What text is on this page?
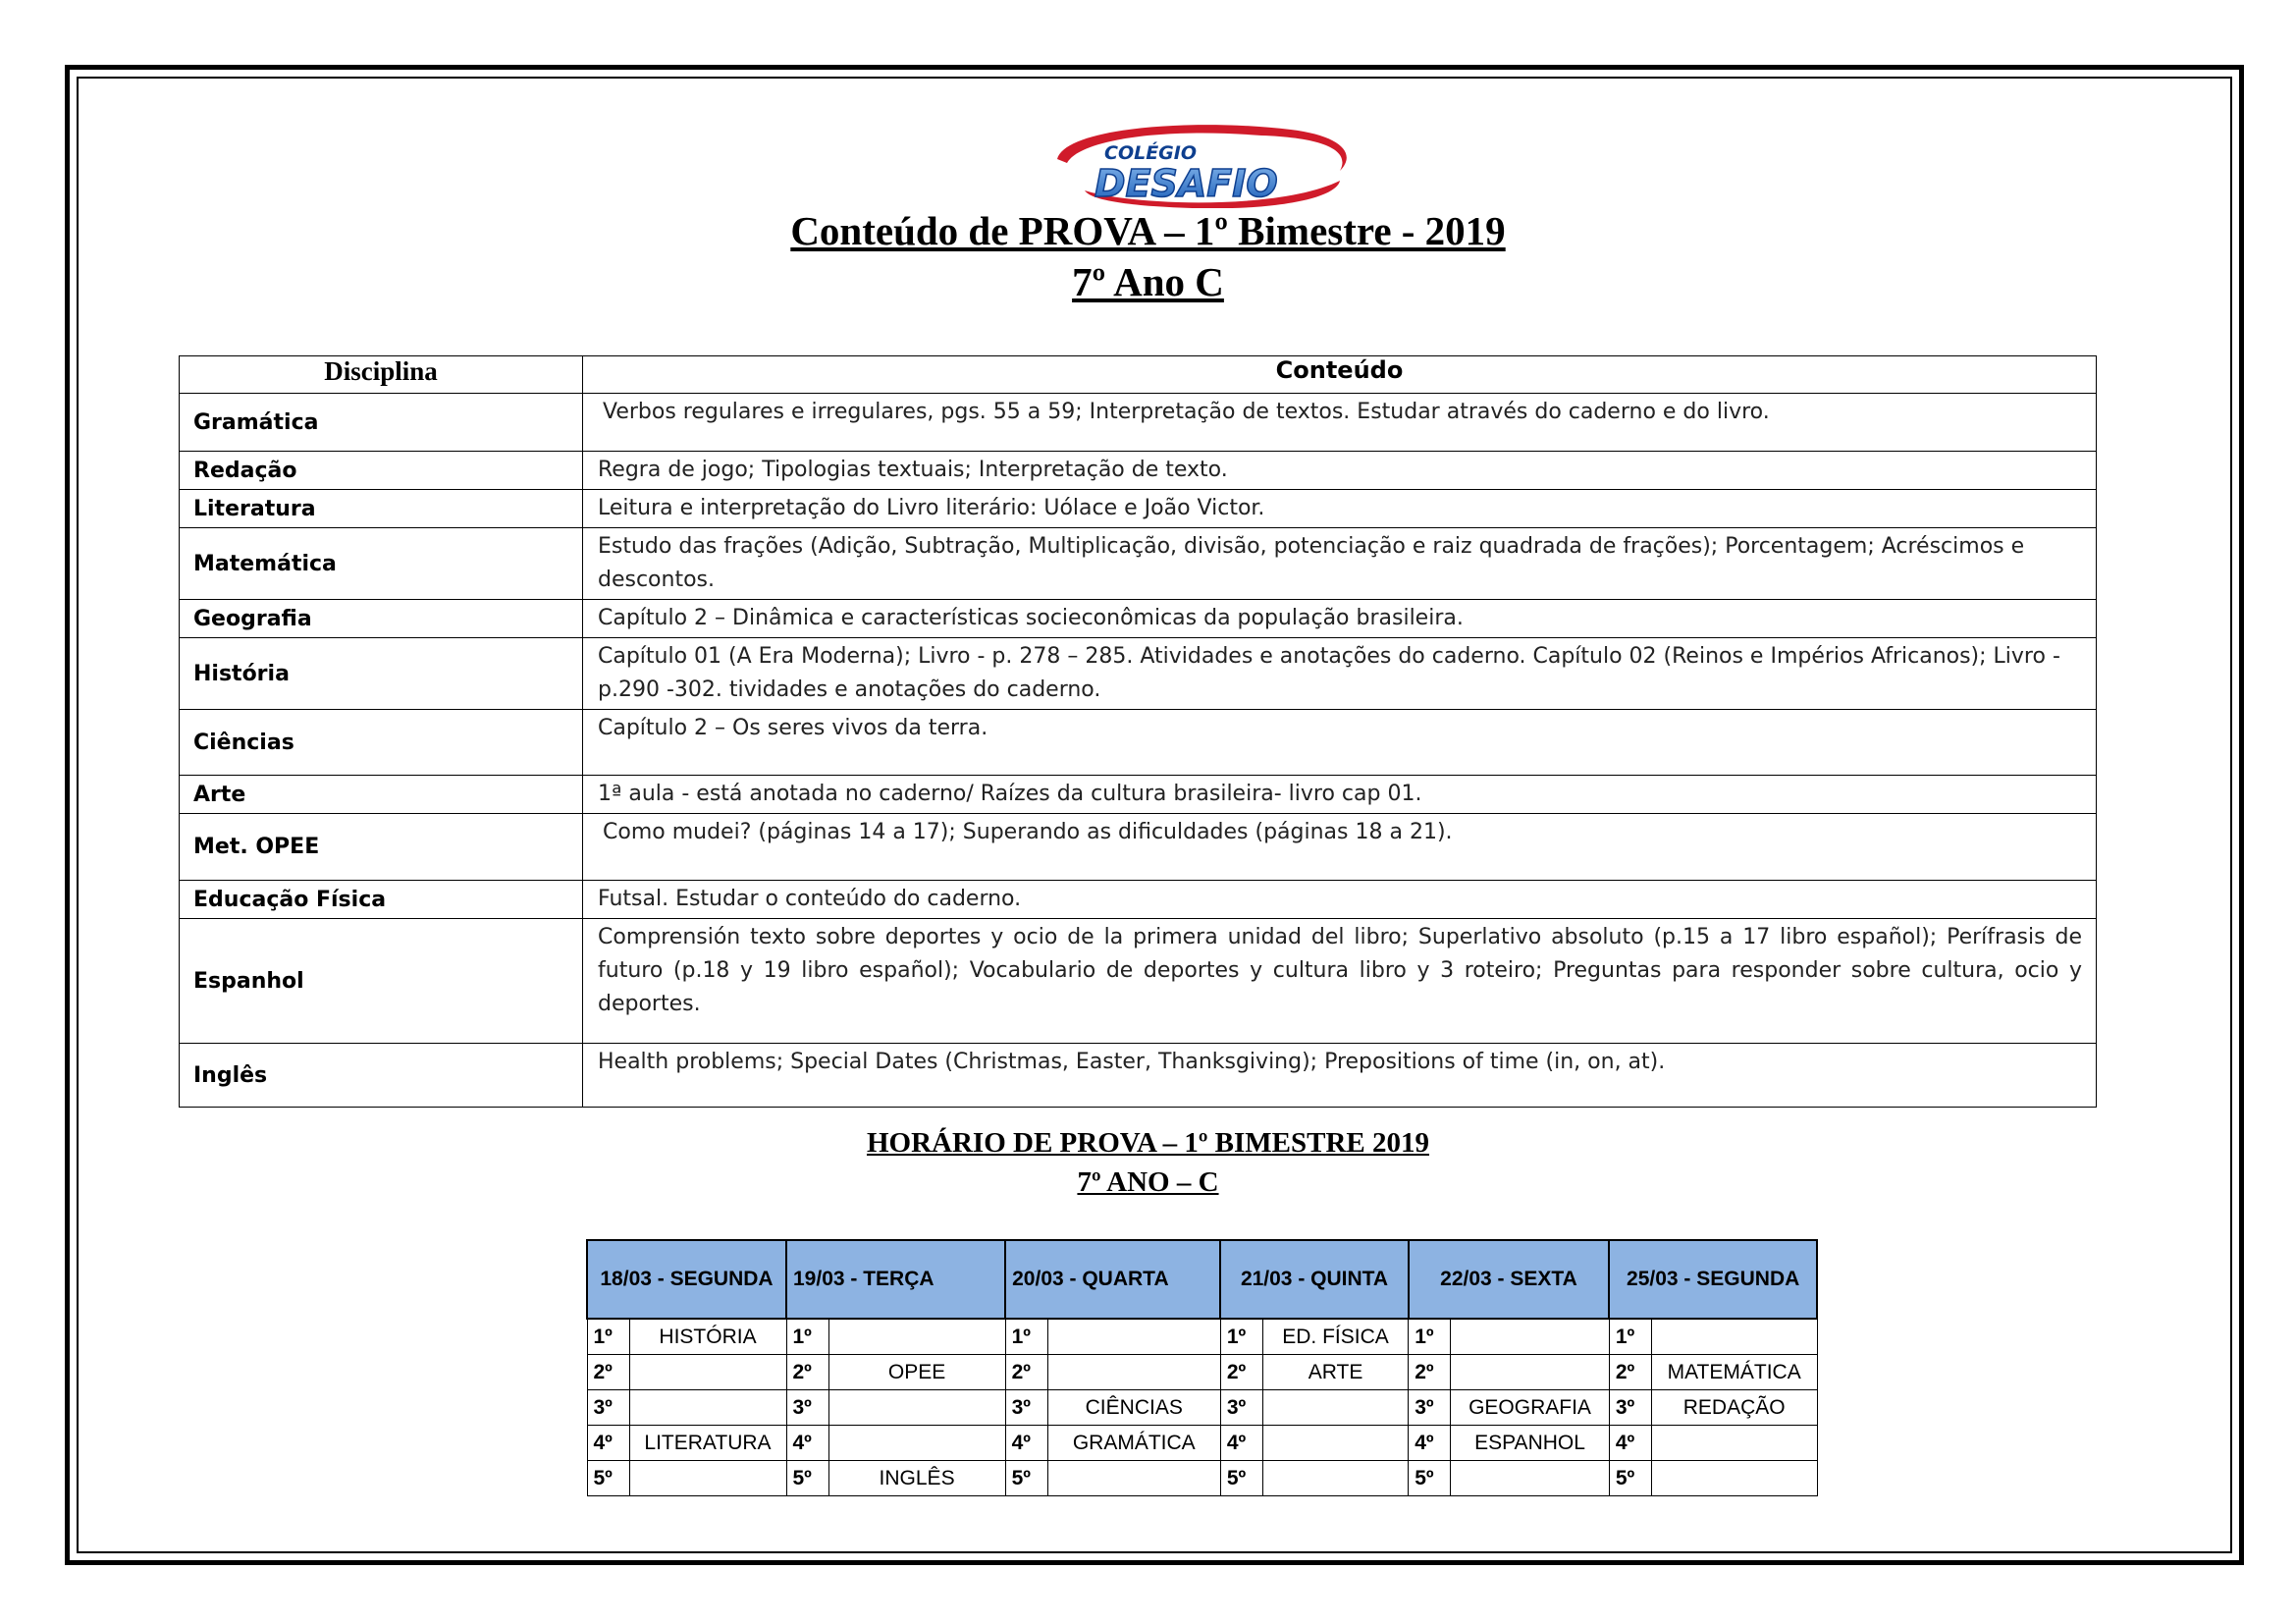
COLÉGIO
DESAFIO
Conteúdo de PROVA – 1º Bimestre - 2019
7º Ano C
Disciplina	Conteúdo
Gramática	Verbos regulares e irregulares, pgs. 55 a 59; Interpretação de textos. Estudar através do caderno e do livro.
Redação	Regra de jogo; Tipologias textuais; Interpretação de texto.
Literatura	Leitura e interpretação do Livro literário: Uólace e João Victor.
Matemática	Estudo das frações (Adição, Subtração, Multiplicação, divisão, potenciação e raiz quadrada de frações); Porcentagem; Acréscimos e descontos.
Geografia	Capítulo 2 – Dinâmica e características socieconômicas da população brasileira.
História	Capítulo 01 (A Era Moderna); Livro - p. 278 – 285. Atividades e anotações do caderno. Capítulo 02 (Reinos e Impérios Africanos); Livro - p.290 -302. tividades e anotações do caderno.
Ciências	Capítulo 2 – Os seres vivos da terra.
Arte	1ª aula - está anotada no caderno/ Raízes da cultura brasileira- livro cap 01.
Met. OPEE	Como mudei? (páginas 14 a 17); Superando as dificuldades (páginas 18 a 21).
Educação Física	Futsal. Estudar o conteúdo do caderno.
Espanhol	Comprensión texto sobre deportes y ocio de la primera unidad del libro; Superlativo absoluto (p.15 a 17 libro español); Perífrasis de futuro (p.18 y 19 libro español); Vocabulario de deportes y cultura libro y 3 roteiro; Preguntas para responder sobre cultura, ocio y deportes.
Inglês	Health problems; Special Dates (Christmas, Easter, Thanksgiving); Prepositions of time (in, on, at).
HORÁRIO DE PROVA – 1º BIMESTRE 2019
7º ANO – C
18/03 - SEGUNDA		19/03 - TERÇA		20/03 - QUARTA		21/03 - QUINTA		22/03 - SEXTA		25/03 - SEGUNDA	
1º	HISTÓRIA	1º		1º		1º	ED. FÍSICA	1º		1º	
2º		2º	OPEE	2º		2º	ARTE	2º		2º	MATEMÁTICA
3º		3º		3º	CIÊNCIAS	3º		3º	GEOGRAFIA	3º	REDAÇÃO
4º	LITERATURA	4º		4º	GRAMÁTICA	4º		4º	ESPANHOL	4º	
5º		5º	INGLÊS	5º		5º		5º		5º	
